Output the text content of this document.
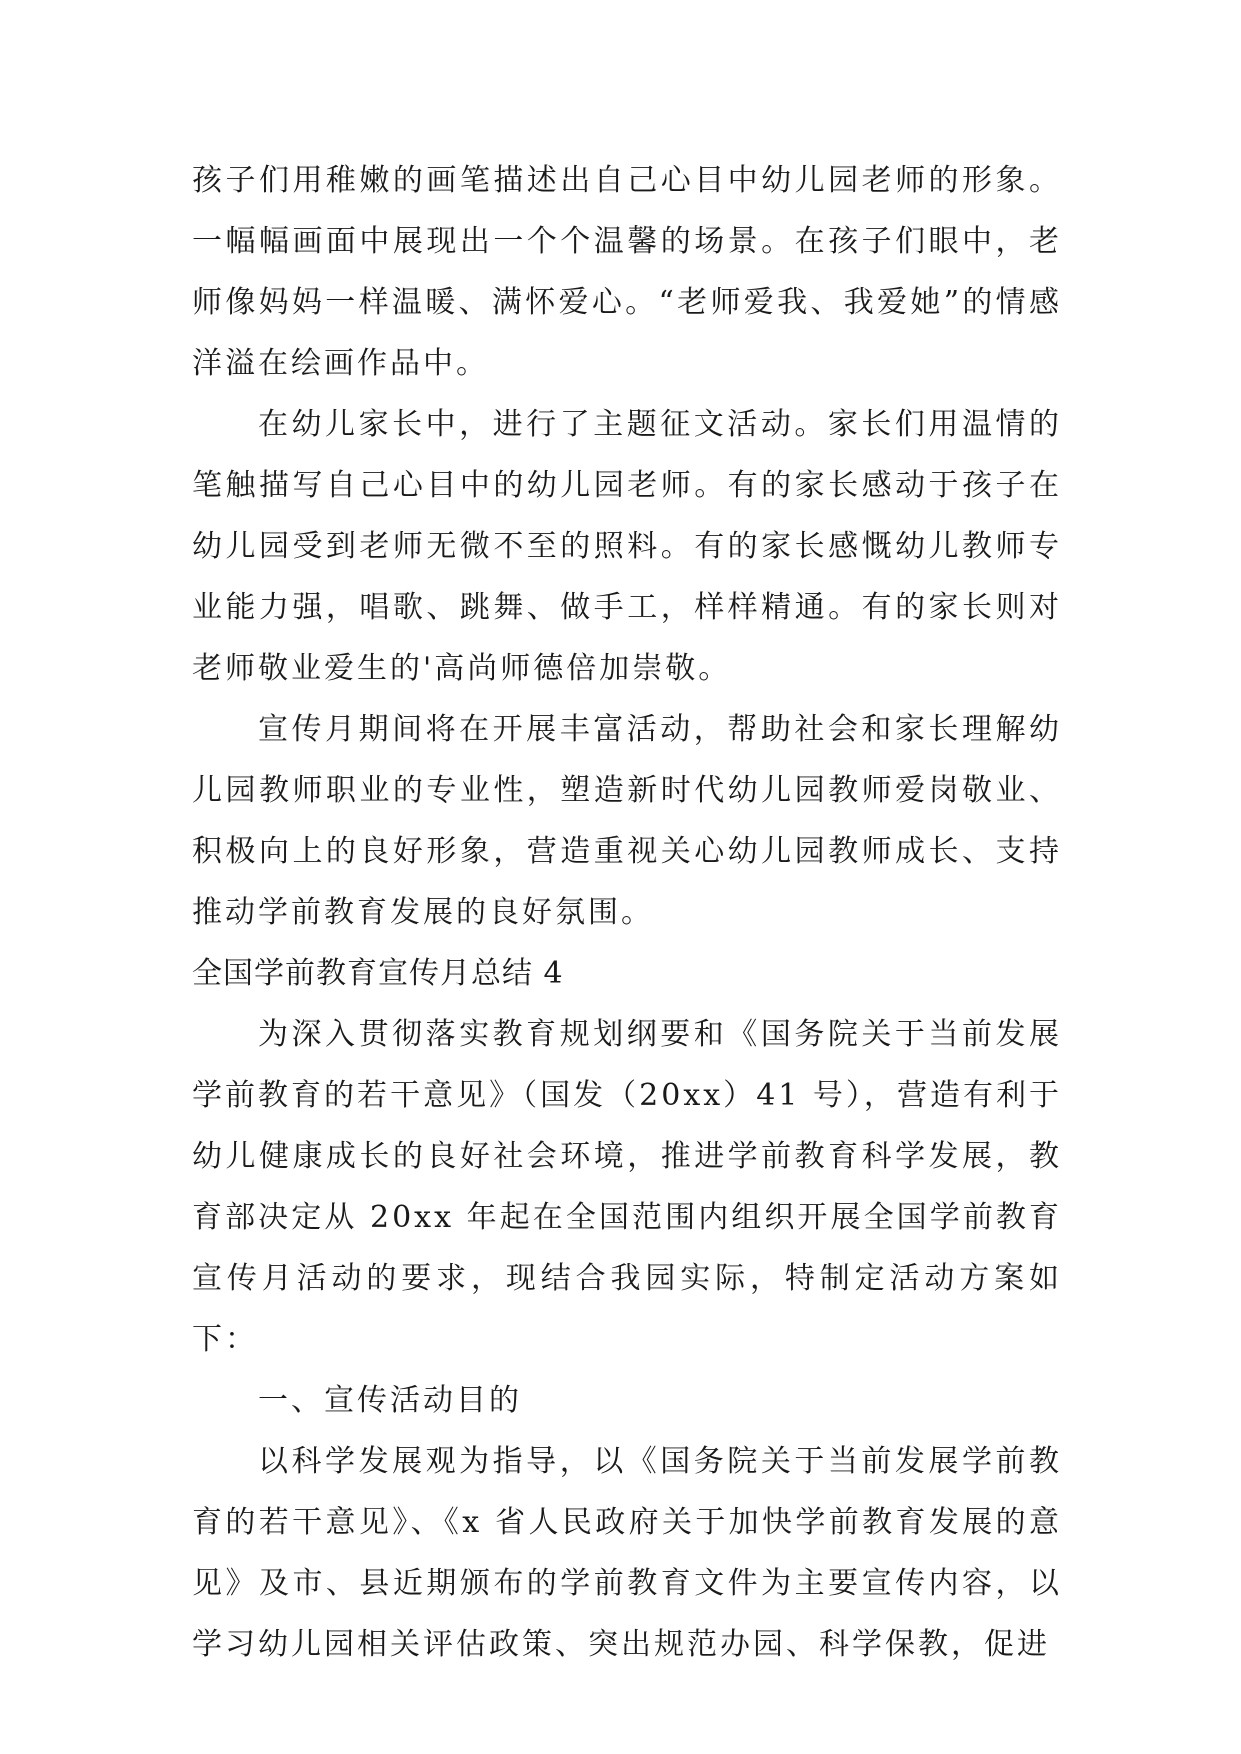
孩子们用稚嫩的画笔描述出自己心目中幼儿园老师的形象。一幅幅画面中展现出一个个温馨的场景。在孩子们眼中，老师像妈妈一样温暖、满怀爱心。“老师爱我、我爱她”的情感洋溢在绘画作品中。

在幼儿家长中，进行了主题征文活动。家长们用温情的笔触描写自己心目中的幼儿园老师。有的家长感动于孩子在幼儿园受到老师无微不至的照料。有的家长感慨幼儿教师专业能力强，唱歌、跳舞、做手工，样样精通。有的家长则对老师敬业爱生的'高尚师德倍加崇敬。

宣传月期间将在开展丰富活动，帮助社会和家长理解幼儿园教师职业的专业性，塑造新时代幼儿园教师爱岗敬业、积极向上的良好形象，营造重视关心幼儿园教师成长、支持推动学前教育发展的良好氛围。

全国学前教育宣传月总结 4

为深入贯彻落实教育规划纲要和《国务院关于当前发展学前教育的若干意见》（国发（20xx）41 号），营造有利于幼儿健康成长的良好社会环境，推进学前教育科学发展，教育部决定从 20xx 年起在全国范围内组织开展全国学前教育宣传月活动的要求，现结合我园实际，特制定活动方案如下：

一、宣传活动目的

以科学发展观为指导，以《国务院关于当前发展学前教育的若干意见》、《x 省人民政府关于加快学前教育发展的意见》及市、县近期颁布的学前教育文件为主要宣传内容，以学习幼儿园相关评估政策、突出规范办园、科学保教，促进
